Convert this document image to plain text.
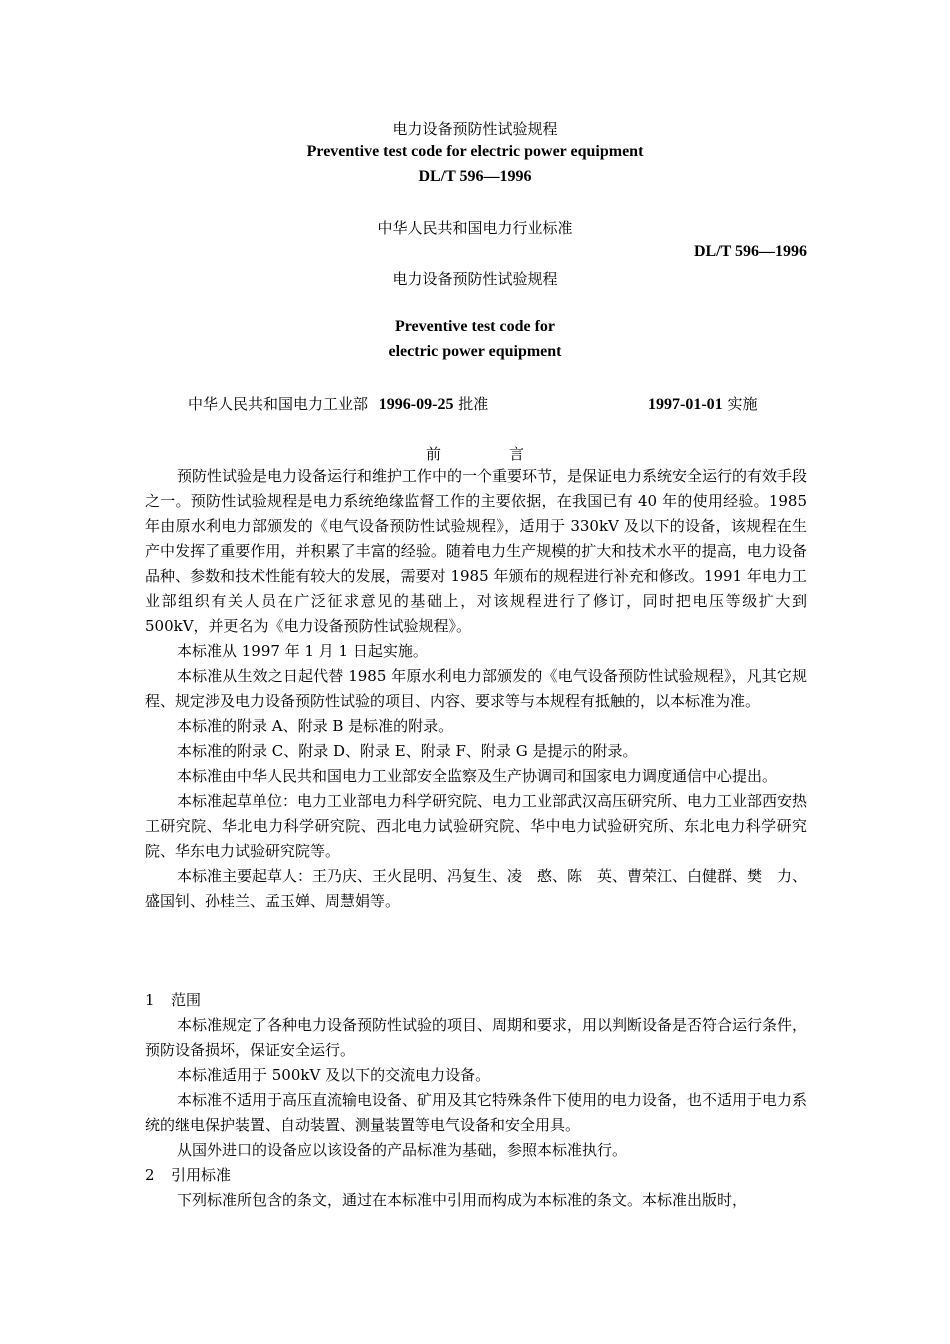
电力设备预防性试验规程
Preventive test code for electric power equipment
DL/T 596—1996
中华人民共和国电力行业标准
DL/T 596—1996
电力设备预防性试验规程
Preventive test code for
electric power equipment
中华人民共和国电力工业部 1996-09-25 批准	1997-01-01 实施
前	言

预防性试验是电力设备运行和维护工作中的一个重要环节，是保证电力系统安全运行的有效手段之一。预防性试验规程是电力系统绝缘监督工作的主要依据，在我国已有 40 年的使用经验。1985 年由原水利电力部颁发的《电气设备预防性试验规程》，适用于 330kV 及以下的设备，该规程在生产中发挥了重要作用，并积累了丰富的经验。随着电力生产规模的扩大和技术水平的提高，电力设备品种、参数和技术性能有较大的发展，需要对 1985 年颁布的规程进行补充和修改。1991 年电力工业部组织有关人员在广泛征求意见的基础上，对该规程进行了修订，同时把电压等级扩大到 500kV，并更名为《电力设备预防性试验规程》。

本标准从 1997 年 1 月 1 日起实施。

本标准从生效之日起代替 1985 年原水利电力部颁发的《电气设备预防性试验规程》，凡其它规程、规定涉及电力设备预防性试验的项目、内容、要求等与本规程有抵触的，以本标准为准。

本标准的附录 A、附录 B 是标准的附录。

本标准的附录 C、附录 D、附录 E、附录 F、附录 G 是提示的附录。

本标准由中华人民共和国电力工业部安全监察及生产协调司和国家电力调度通信中心提出。

本标准起草单位：电力工业部电力科学研究院、电力工业部武汉高压研究所、电力工业部西安热工研究院、华北电力科学研究院、西北电力试验研究院、华中电力试验研究所、东北电力科学研究院、华东电力试验研究院等。

本标准主要起草人：王乃庆、王火昆明、冯复生、凌　憨、陈　英、曹荣江、白健群、樊　力、盛国钊、孙桂兰、孟玉婵、周慧娟等。

1 范围

本标准规定了各种电力设备预防性试验的项目、周期和要求，用以判断设备是否符合运行条件，预防设备损坏，保证安全运行。

本标准适用于 500kV 及以下的交流电力设备。

本标准不适用于高压直流输电设备、矿用及其它特殊条件下使用的电力设备，也不适用于电力系统的继电保护装置、自动装置、测量装置等电气设备和安全用具。

从国外进口的设备应以该设备的产品标准为基础，参照本标准执行。

2 引用标准

下列标准所包含的条文，通过在本标准中引用而构成为本标准的条文。本标准出版时，
